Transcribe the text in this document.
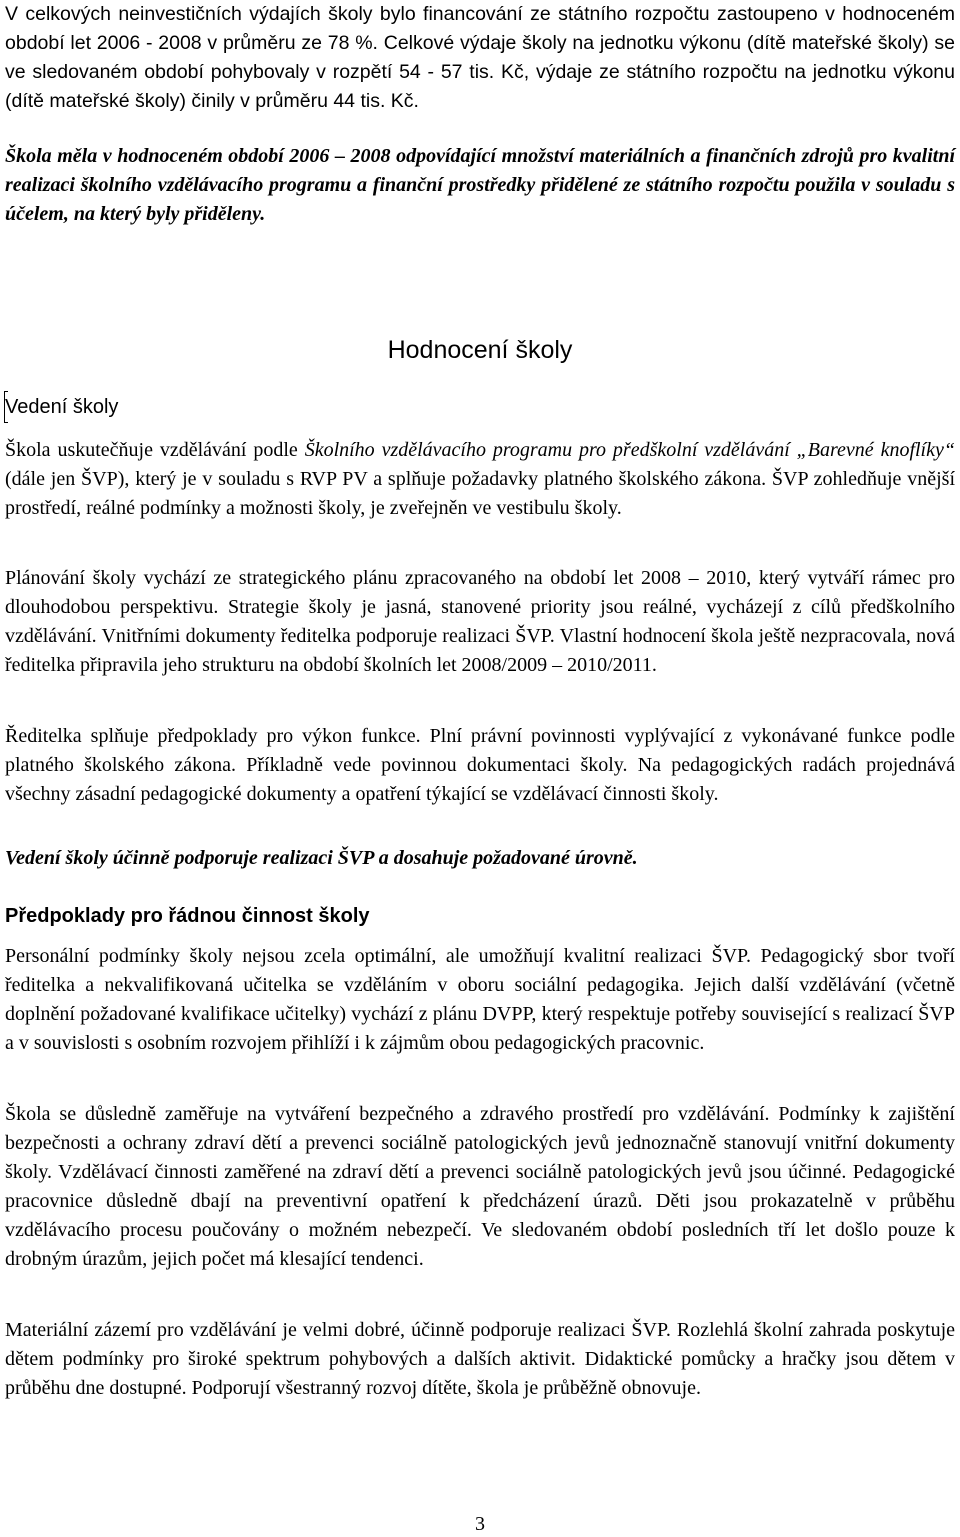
V celkových neinvestičních výdajích školy bylo financování ze státního rozpočtu zastoupeno v hodnoceném období let 2006 - 2008 v průměru ze 78 %. Celkové výdaje školy na jednotku výkonu (dítě mateřské školy) se ve sledovaném období pohybovaly v rozpětí 54 - 57 tis. Kč, výdaje ze státního rozpočtu na jednotku výkonu (dítě mateřské školy) činily v průměru 44 tis. Kč.

Škola měla v hodnoceném období 2006 – 2008 odpovídající množství materiálních a finančních zdrojů pro kvalitní realizaci školního vzdělávacího programu a finanční prostředky přidělené ze státního rozpočtu použila v souladu s účelem, na který byly přiděleny.

Hodnocení školy
Vedení školy

Škola uskutečňuje vzdělávání podle Školního vzdělávacího programu pro předškolní vzdělávání „Barevné knoflíky“ (dále jen ŠVP), který je v souladu s RVP PV a splňuje požadavky platného školského zákona. ŠVP zohledňuje vnější prostředí, reálné podmínky a možnosti školy, je zveřejněn ve vestibulu školy.

Plánování školy vychází ze strategického plánu zpracovaného na období let 2008 – 2010, který vytváří rámec pro dlouhodobou perspektivu. Strategie školy je jasná, stanovené priority jsou reálné, vycházejí z cílů předškolního vzdělávání. Vnitřními dokumenty ředitelka podporuje realizaci ŠVP. Vlastní hodnocení škola ještě nezpracovala, nová ředitelka připravila jeho strukturu na období školních let 2008/2009 – 2010/2011.

Ředitelka splňuje předpoklady pro výkon funkce. Plní právní povinnosti vyplývající z vykonávané funkce podle platného školského zákona. Příkladně vede povinnou dokumentaci školy. Na pedagogických radách projednává všechny zásadní pedagogické dokumenty a opatření týkající se vzdělávací činnosti školy.

Vedení školy účinně podporuje realizaci ŠVP a dosahuje požadované úrovně.

Předpoklady pro řádnou činnost školy

Personální podmínky školy nejsou zcela optimální, ale umožňují kvalitní realizaci ŠVP. Pedagogický sbor tvoří ředitelka a nekvalifikovaná učitelka se vzděláním v oboru sociální pedagogika. Jejich další vzdělávání (včetně doplnění požadované kvalifikace učitelky) vychází z plánu DVPP, který respektuje potřeby související s realizací ŠVP a v souvislosti s osobním rozvojem přihlíží i k zájmům obou pedagogických pracovnic.

Škola se důsledně zaměřuje na vytváření bezpečného a zdravého prostředí pro vzdělávání. Podmínky k zajištění bezpečnosti a ochrany zdraví dětí a prevenci sociálně patologických jevů jednoznačně stanovují vnitřní dokumenty školy. Vzdělávací činnosti zaměřené na zdraví dětí a prevenci sociálně patologických jevů jsou účinné. Pedagogické pracovnice důsledně dbají na preventivní opatření k předcházení úrazů. Děti jsou prokazatelně v průběhu vzdělávacího procesu poučovány o možném nebezpečí. Ve sledovaném období posledních tří let došlo pouze k drobným úrazům, jejich počet má klesající tendenci.

Materiální zázemí pro vzdělávání je velmi dobré, účinně podporuje realizaci ŠVP. Rozlehlá školní zahrada poskytuje dětem podmínky pro široké spektrum pohybových a dalších aktivit. Didaktické pomůcky a hračky jsou dětem v průběhu dne dostupné. Podporují všestranný rozvoj dítěte, škola je průběžně obnovuje.

3
